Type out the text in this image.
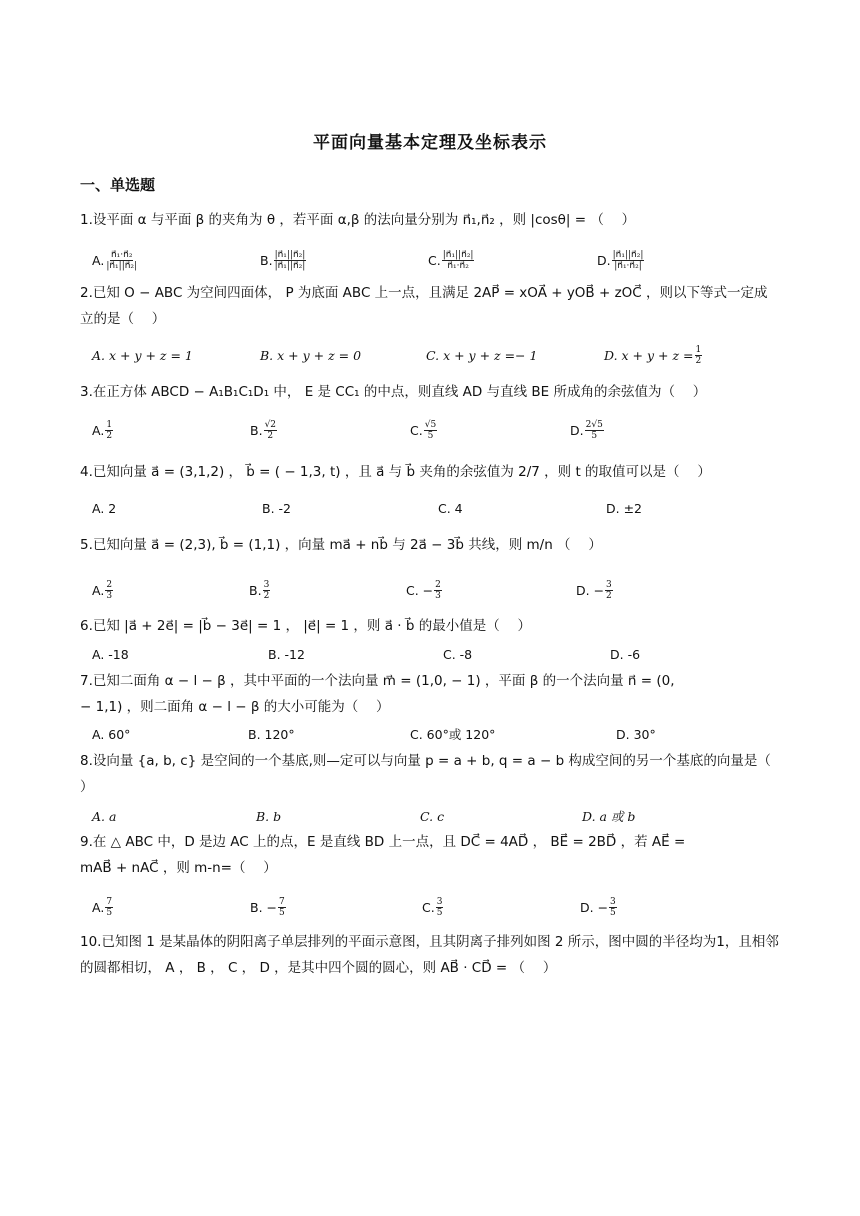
平面向量基本定理及坐标表示
一、单选题
1.设平面 α 与平面 β 的夹角为 θ ，若平面 α,β 的法向量分别为 n⃗₁,n⃗₂ ，则 |cosθ| = （　 ）
A. $\frac{\text{n⃗₁·n⃗₂}}{\text{|n⃗₁||n⃗₂|}}$	B. $\frac{\text{|n⃗₁||n⃗₂|}}{\text{|n⃗₁||n⃗₂|}}$	C. $\frac{\text{|n⃗₁||n⃗₂|}}{\text{n⃗₁·n⃗₂}}$	D. $\frac{\text{|n⃗₁||n⃗₂|}}{\text{|n⃗₁·n⃗₂|}}$
2.已知 O − ABC 为空间四面体， P 为底面 ABC 上一点，且满足 2AP⃗ = xOA⃗ + yOB⃗ + zOC⃗ ，则以下等式一定成立的是（　 ）
A. x + y + z = 1	B. x + y + z = 0	C. x + y + z =− 1	D. $x + y + z = \frac{1}{2}$
3.在正方体 ABCD − A₁B₁C₁D₁ 中， E 是 CC₁ 的中点，则直线 AD 与直线 BE 所成角的余弦值为（　 ）
A. $\frac{1}{2}$	B. $\frac{√2}{2}$	C. $\frac{√5}{5}$	D. $\frac{2√5}{5}$
4.已知向量 a⃗ = (3,1,2) ， b⃗ = ( − 1,3, t) ，且 a⃗ 与 b⃗ 夹角的余弦值为 2/7 ，则 t 的取值可以是（　 ）
A. 2	B. -2	C. 4	D. ±2
5.已知向量 a⃗ = (2,3), b⃗ = (1,1) ，向量 ma⃗ + nb⃗ 与 2a⃗ − 3b⃗ 共线，则 m/n （　 ）
A. $\frac{2}{3}$	B. $\frac{3}{2}$	C. − $\frac{2}{3}$	D. − $\frac{3}{2}$
6.已知 |a⃗ + 2e⃗| = |b⃗ − 3e⃗| = 1 ， |e⃗| = 1 ，则 a⃗ · b⃗ 的最小值是（　 ）
A. -18	B. -12	C. -8	D. -6
7.已知二面角 α − l − β ，其中平面的一个法向量 m⃗ = (1,0, − 1) ，平面 β 的一个法向量 n⃗ = (0, − 1,1) ，则二面角 α − l − β 的大小可能为（　 ）
A. 60°	B. 120°	C. 60°或 120°	D. 30°
8.设向量 {a, b, c} 是空间的一个基底,则—定可以与向量 p = a + b, q = a − b 构成空间的另一个基底的向量是（　 ）
A. a	B. b	C. c	D. a 或 b
9.在 △ ABC 中，D 是边 AC 上的点，E 是直线 BD 上一点，且 DC⃗ = 4AD⃗ ， BE⃗ = 2BD⃗ ，若 AE⃗ = mAB⃗ + nAC⃗ ，则 m-n=（　 ）
A. $\frac{7}{5}$	B. − $\frac{7}{5}$	C. $\frac{3}{5}$	D. − $\frac{3}{5}$
10.已知图 1 是某晶体的阴阳离子单层排列的平面示意图，且其阴离子排列如图 2 所示，图中圆的半径均为1，且相邻的圆都相切， A ， B ， C ， D ，是其中四个圆的圆心，则 AB⃗ · CD⃗ = （　 ）
